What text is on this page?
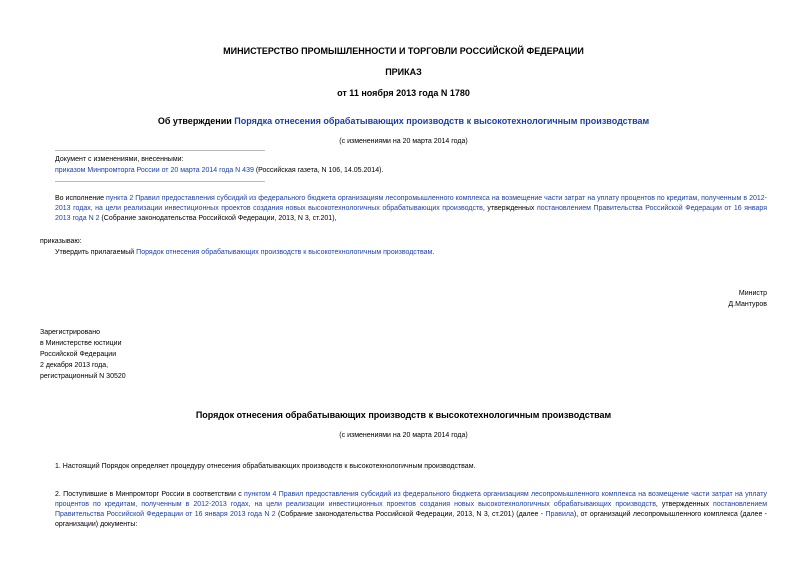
МИНИСТЕРСТВО ПРОМЫШЛЕННОСТИ И ТОРГОВЛИ РОССИЙСКОЙ ФЕДЕРАЦИИ
ПРИКАЗ
от 11 ноября 2013 года N 1780
Об утверждении Порядка отнесения обрабатывающих производств к высокотехнологичным производствам
(с изменениями на 20 марта 2014 года)
Документ с изменениями, внесенными:
приказом Минпромторга России от 20 марта 2014 года N 439 (Российская газета, N 106, 14.05.2014).
Во исполнение пункта 2 Правил предоставления субсидий из федерального бюджета организациям лесопромышленного комплекса на возмещение части затрат на уплату процентов по кредитам, полученным в 2012-2013 годах, на цели реализации инвестиционных проектов создания новых высокотехнологичных обрабатывающих производств, утвержденных постановлением Правительства Российской Федерации от 16 января 2013 года N 2 (Собрание законодательства Российской Федерации, 2013, N 3, ст.201),
приказываю:
Утвердить прилагаемый Порядок отнесения обрабатывающих производств к высокотехнологичным производствам.
Министр
Д.Мантуров
Зарегистрировано
в Министерстве юстиции
Российской Федерации
2 декабря 2013 года,
регистрационный N 30520
Порядок отнесения обрабатывающих производств к высокотехнологичным производствам
(с изменениями на 20 марта 2014 года)
1. Настоящий Порядок определяет процедуру отнесения обрабатывающих производств к высокотехнологичным производствам.
2. Поступившие в Минпромторг России в соответствии с пунктом 4 Правил предоставления субсидий из федерального бюджета организациям лесопромышленного комплекса на возмещение части затрат на уплату процентов по кредитам, полученным в 2012-2013 годах, на цели реализации инвестиционных проектов создания новых высокотехнологичных обрабатывающих производств, утвержденных постановлением Правительства Российской Федерации от 16 января 2013 года N 2 (Собрание законодательства Российской Федерации, 2013, N 3, ст.201) (далее - Правила), от организаций лесопромышленного комплекса (далее - организации) документы:
